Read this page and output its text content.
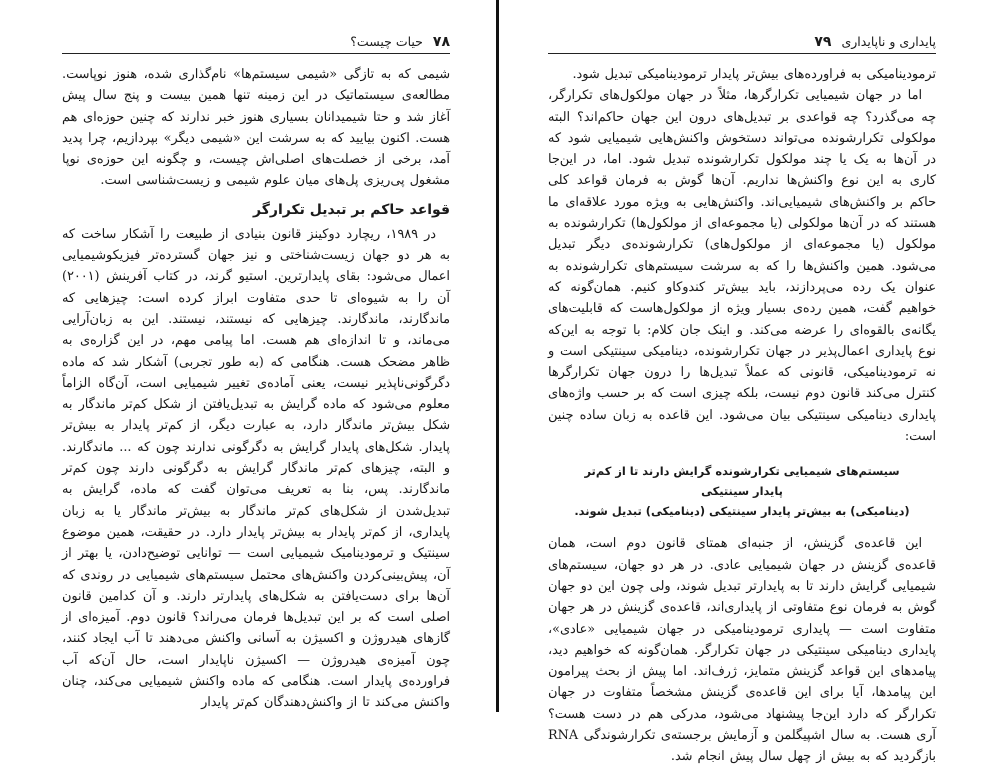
۷۸
حیات چیست؟

شیمی که به تازگی «شیمی سیستم‌ها» نام‌گذاری شده، هنوز نوپاست. مطالعه‌ی سیستماتیک در این زمینه تنها همین بیست و پنج سال پیش آغاز شد و حتا شیمیدانان بسیاری هنوز خبر ندارند که چنین حوزه‌ای هم هست. اکنون بیایید که به سرشت این «شیمی دیگر» بپردازیم، چرا پدید آمد، برخی از خصلت‌های اصلی‌اش چیست، و چگونه این حوزه‌ی نوپا مشغول پی‌ریزی پل‌های میان علوم شیمی و زیست‌شناسی است.

قواعد حاکم بر تبدیل تکرارگر

در ۱۹۸۹، ریچارد دوکینز قانون بنیادی از طبیعت را آشکار ساخت که به هر دو جهان زیست‌شناختی و نیز جهان گسترده‌تر فیزیکوشیمیایی اعمال می‌شود: بقای پایدارترین. استیو گرند، در کتاب آفرینش (۲۰۰۱) آن را به شیوه‌ای تا حدی متفاوت ابراز کرده است: چیزهایی که ماندگارند، ماندگارند. چیزهایی که نیستند، نیستند. این به زبان‌آرایی می‌ماند، و تا اندازه‌ای هم هست. اما پیامی مهم، در این گزاره‌ی به ظاهر مضحک هست. هنگامی که (به طور تجربی) آشکار شد که ماده دگرگونی‌ناپذیر نیست، یعنی آماده‌ی تغییر شیمیایی است، آن‌گاه الزاماً معلوم می‌شود که ماده گرایش به تبدیل‌یافتن از شکل کم‌تر ماندگار به شکل بیش‌تر ماندگار دارد، به عبارت دیگر، از کم‌تر پایدار به بیش‌تر پایدار. شکل‌های پایدار گرایش به دگرگونی ندارند چون که ... ماندگارند. و البته، چیزهای کم‌تر ماندگار گرایش به دگرگونی دارند چون کم‌تر ماندگارند. پس، بنا به تعریف می‌توان گفت که ماده، گرایش به تبدیل‌شدن از شکل‌های کم‌تر ماندگار به بیش‌تر ماندگار یا به زبان پایداری، از کم‌تر پایدار به بیش‌تر پایدار دارد. در حقیقت، همین موضوع سینتیک و ترمودینامیک شیمیایی است — توانایی توضیح‌دادن، یا بهتر از آن، پیش‌بینی‌کردن واکنش‌های محتمل سیستم‌های شیمیایی در روندی که آن‌ها برای دست‌یافتن به شکل‌های پایدارتر دارند. و آن کدامین قانون اصلی است که بر این تبدیل‌ها فرمان می‌راند؟ قانون دوم. آمیزه‌ای از گازهای هیدروژن و اکسیژن به آسانی واکنش می‌دهند تا آب ایجاد کنند، چون آمیزه‌ی هیدروژن — اکسیژن ناپایدار است، حال آن‌که آب فراورده‌ی پایدار است. هنگامی که ماده واکنش شیمیایی می‌کند، چنان واکنش می‌کند تا از واکنش‌دهندگان کم‌تر پایدار

پایداری و ناپایداری
۷۹

ترمودینامیکی به فراورده‌های بیش‌تر پایدار ترمودینامیکی تبدیل شود.

اما در جهان شیمیایی تکرارگرها، مثلاً در جهان مولکول‌های تکرارگر، چه می‌گذرد؟ چه قواعدی بر تبدیل‌های درون این جهان حاکم‌اند؟ البته مولکولی تکرارشونده می‌تواند دستخوش واکنش‌هایی شیمیایی شود که در آن‌ها به یک یا چند مولکول تکرارشونده تبدیل شود. اما، در این‌جا کاری به این نوع واکنش‌ها نداریم. آن‌ها گوش به فرمان قواعد کلی حاکم بر واکنش‌های شیمیایی‌اند. واکنش‌هایی به ویژه مورد علاقه‌ای ما هستند که در آن‌ها مولکولی (یا مجموعه‌ای از مولکول‌ها) تکرارشونده به مولکول (یا مجموعه‌ای از مولکول‌های) تکرارشونده‌ی دیگر تبدیل می‌شود. همین واکنش‌ها را که به سرشت سیستم‌های تکرارشونده به عنوان یک رده می‌پردازند، باید بیش‌تر کندوکاو کنیم. همان‌گونه که خواهیم گفت، همین رده‌ی بسیار ویژه از مولکول‌هاست که قابلیت‌های یگانه‌ی بالقوه‌ای را عرضه می‌کند. و اینک جان کلام: با توجه به این‌که نوع پایداری اعمال‌پذیر در جهان تکرارشونده، دینامیکی سینتیکی است و نه ترمودینامیکی، قانونی که عملاً تبدیل‌ها را درون جهان تکرارگرها کنترل می‌کند قانون دوم نیست، بلکه چیزی است که بر حسب واژه‌های پایداری دینامیکی سینتیکی بیان می‌شود. این قاعده به زبان ساده چنین است:

سیستم‌های شیمیایی تکرارشونده گرایش دارند تا از کم‌تر پایدار سینتیکی

(دینامیکی) به بیش‌تر پایدار سینتیکی (دینامیکی) تبدیل شوند.

این قاعده‌ی گزینش، از جنبه‌ای همتای قانون دوم است، همان قاعده‌ی گزینش در جهان شیمیایی عادی. در هر دو جهان، سیستم‌های شیمیایی گرایش دارند تا به پایدارتر تبدیل شوند، ولی چون این دو جهان گوش به فرمان نوع متفاوتی از پایداری‌اند، قاعده‌ی گزینش در هر جهان متفاوت است — پایداری ترمودینامیکی در جهان شیمیایی «عادی»، پایداری دینامیکی سینتیکی در جهان تکرارگر. همان‌گونه که خواهیم دید، پیامدهای این قواعد گزینش متمایز، ژرف‌اند. اما پیش از بحث پیرامون این پیامدها، آیا برای این قاعده‌ی گزینش مشخصاً متفاوت در جهان تکرارگر که دارد این‌جا پیشنهاد می‌شود، مدرکی هم در دست هست؟ آری هست. به سال اشپیگلمن و آزمایش برجسته‌ی تکرارشوندگی RNA بازگردید که به بیش از چهل سال پیش انجام شد.
